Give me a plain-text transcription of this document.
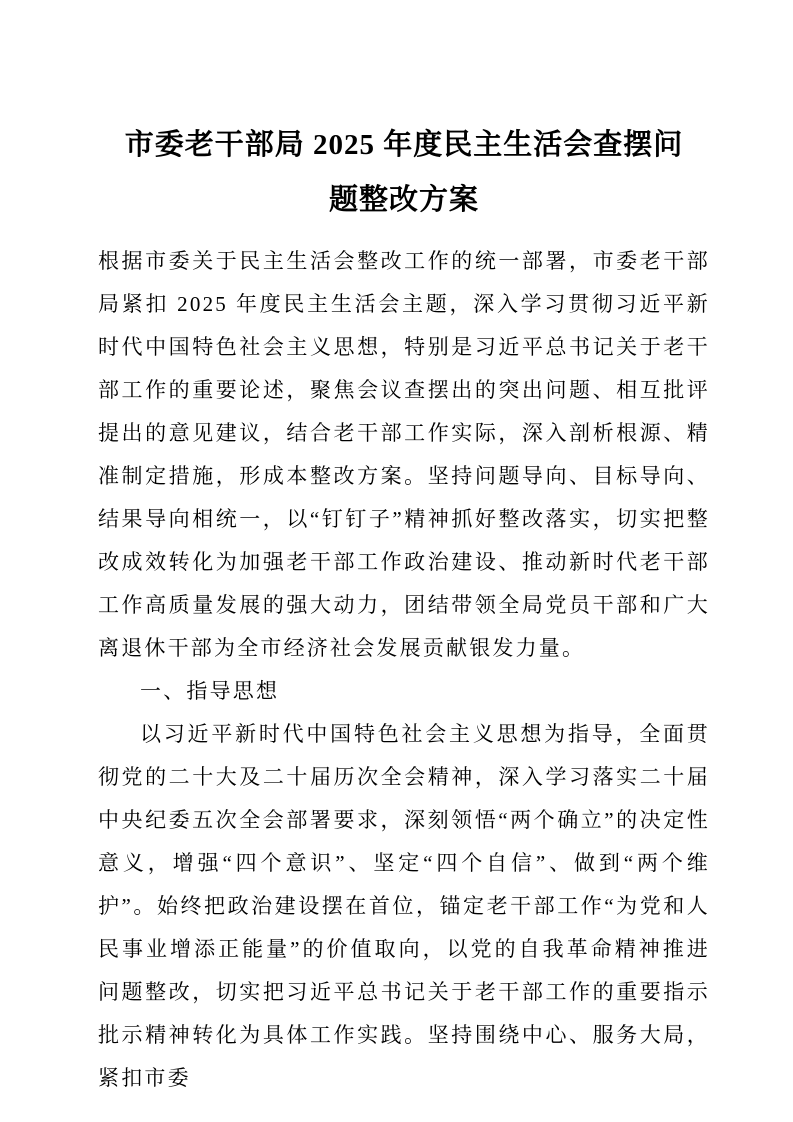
市委老干部局 2025 年度民主生活会查摆问
题整改方案

根据市委关于民主生活会整改工作的统一部署，市委老干部局紧扣 2025 年度民主生活会主题，深入学习贯彻习近平新时代中国特色社会主义思想，特别是习近平总书记关于老干部工作的重要论述，聚焦会议查摆出的突出问题、相互批评提出的意见建议，结合老干部工作实际，深入剖析根源、精准制定措施，形成本整改方案。坚持问题导向、目标导向、结果导向相统一，以“钉钉子”精神抓好整改落实，切实把整改成效转化为加强老干部工作政治建设、推动新时代老干部工作高质量发展的强大动力，团结带领全局党员干部和广大离退休干部为全市经济社会发展贡献银发力量。

一、指导思想

以习近平新时代中国特色社会主义思想为指导，全面贯彻党的二十大及二十届历次全会精神，深入学习落实二十届中央纪委五次全会部署要求，深刻领悟“两个确立”的决定性意义，增强“四个意识”、坚定“四个自信”、做到“两个维护”。始终把政治建设摆在首位，锚定老干部工作“为党和人民事业增添正能量”的价值取向，以党的自我革命精神推进问题整改，切实把习近平总书记关于老干部工作的重要指示批示精神转化为具体工作实践。坚持围绕中心、服务大局，紧扣市委
